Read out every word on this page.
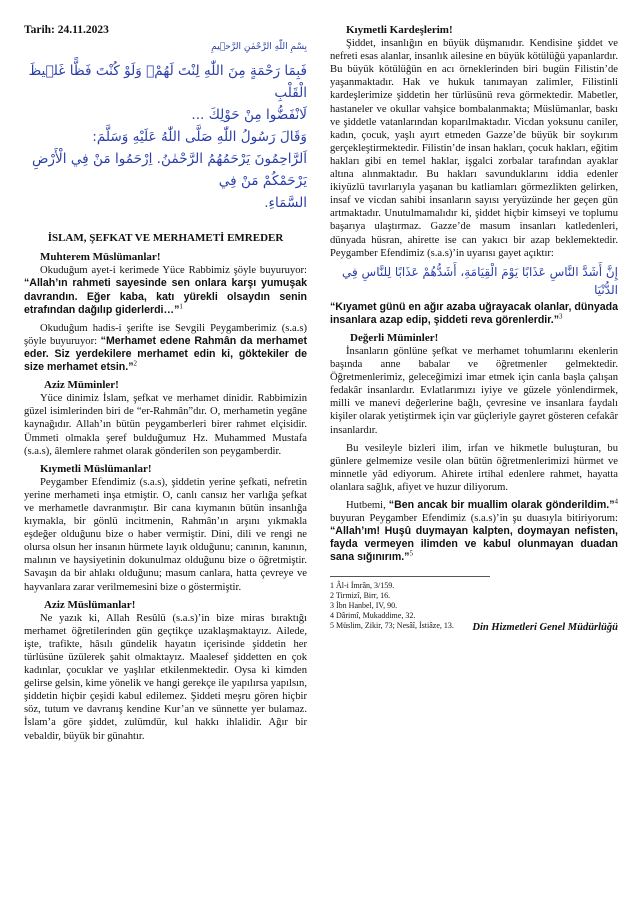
Tarih: 24.11.2023

بِسْمِ اللّٰهِ الرَّحْمٰنِ الرَّح۪يمِ

فَبِمَا رَحْمَةٍ مِنَ اللّٰهِ لِنْتَ لَهُمْۚ وَلَوْ كُنْتَ فَظًّا غَل۪يظَ الْقَلْبِ

لَانْفَضُّوا مِنْ حَوْلِكَ ...

وَقَالَ رَسُولُ اللّٰهِ صَلَّى اللّٰهُ عَلَيْهِ وَسَلَّمَ:

اَلرَّاحِمُونَ يَرْحَمُهُمُ الرَّحْمٰنُ. اِرْحَمُوا مَنْ فِي الْأَرْضِ يَرْحَمْكُمْ مَنْ فِي

السَّمَاءِ.

İSLAM, ŞEFKAT VE MERHAMETİ EMREDER

Muhterem Müslümanlar!

Okuduğum ayet-i kerimede Yüce Rabbimiz şöyle buyuruyor: “Allah’ın rahmeti sayesinde sen onlara karşı yumuşak davrandın. Eğer kaba, katı yürekli olsaydın senin etrafından dağılıp giderlerdi…”$^1$

Okuduğum hadis-i şerifte ise Sevgili Peygamberimiz (s.a.s) şöyle buyuruyor: “Merhamet edene Rahmân da merhamet eder. Siz yerdekilere merhamet edin ki, göktekiler de size merhamet etsin.”$^2$

Aziz Müminler!

Yüce dinimiz İslam, şefkat ve merhamet dinidir. Rabbimizin güzel isimlerinden biri de “er-Rahmân”dır. O, merhametin yegâne kaynağıdır. Allah’ın bütün peygamberleri birer rahmet elçisidir. Ümmeti olmakla şeref bulduğumuz Hz. Muhammed Mustafa (s.a.s), âlemlere rahmet olarak gönderilen son peygamberdir.

Kıymetli Müslümanlar!

Peygamber Efendimiz (s.a.s), şiddetin yerine şefkati, nefretin yerine merhameti inşa etmiştir. O, canlı cansız her varlığa şefkat ve merhametle davranmıştır. Bir cana kıymanın bütün insanlığa kıymakla, bir gönlü incitmenin, Rahmân’ın arşını yıkmakla eşdeğer olduğunu bize o haber vermiştir. Dini, dili ve rengi ne olursa olsun her insanın hürmete layık olduğunu; canının, kanının, malının ve haysiyetinin dokunulmaz olduğunu bize o öğretmiştir. Savaşın da bir ahlakı olduğunu; masum canlara, hatta çevreye ve hayvanlara zarar verilmemesini bize o göstermiştir.

Aziz Müslümanlar!

Ne yazık ki, Allah Resûlü (s.a.s)’in bize miras bıraktığı merhamet öğretilerinden gün geçtikçe uzaklaşmaktayız. Ailede, işte, trafikte, hâsılı gündelik hayatın içerisinde şiddetin her türlüsüne üzülerek şahit olmaktayız. Maalesef şiddetten en çok kadınlar, çocuklar ve yaşlılar etkilenmektedir. Oysa ki kimden gelirse gelsin, kime yönelik ve hangi gerekçe ile yapılırsa yapılsın, şiddetin hiçbir çeşidi kabul edilemez. Şiddeti meşru gören hiçbir söz, tutum ve davranış kendine Kur’an ve sünnette yer bulamaz. İslam’a göre şiddet, zulümdür, kul hakkı ihlalidir. Ağır bir vebaldir, büyük bir günahtır.

Kıymetli Kardeşlerim!

Şiddet, insanlığın en büyük düşmanıdır. Kendisine şiddet ve nefreti esas alanlar, insanlık ailesine en büyük kötülüğü yapanlardır. Bu büyük kötülüğün en acı örneklerinden biri bugün Filistin’de yaşanmaktadır. Hak ve hukuk tanımayan zalimler, Filistinli kardeşlerimize şiddetin her türlüsünü reva görmektedir. Mabetler, hastaneler ve okullar vahşice bombalanmakta; Müslümanlar, baskı ve şiddetle vatanlarından koparılmaktadır. Vicdan yoksunu caniler, kadın, çocuk, yaşlı ayırt etmeden Gazze’de büyük bir soykırım gerçekleştirmektedir. Filistin’de insan hakları, çocuk hakları, eğitim hakları gibi en temel haklar, işgalci zorbalar tarafından ayaklar altına alınmaktadır. Bu hakları savunduklarını iddia edenler ikiyüzlü tavırlarıyla yaşanan bu katliamları görmezlikten gelirken, insaf ve vicdan sahibi insanların sayısı yeryüzünde her geçen gün artmaktadır. Unutulmamalıdır ki, şiddet hiçbir kimseyi ve toplumu başarıya ulaştırmaz. Gazze’de masum insanları katledenleri, dünyada hüsran, ahirette ise can yakıcı bir azap beklemektedir. Peygamber Efendimiz (s.a.s)’in uyarısı gayet açıktır:

إِنَّ أَشَدَّ النَّاسِ عَذَابًا يَوْمَ الْقِيَامَةِ، أَشَدُّهُمْ عَذَابًا لِلنَّاسِ فِي الدُّنْيَا

“Kıyamet günü en ağır azaba uğrayacak olanlar, dünyada insanlara azap edip, şiddeti reva görenlerdir.”$^3$

Değerli Müminler!

İnsanların gönlüne şefkat ve merhamet tohumlarını ekenlerin başında anne babalar ve öğretmenler gelmektedir. Öğretmenlerimiz, geleceğimizi imar etmek için canla başla çalışan fedakâr insanlardır. Evlatlarımızı iyiye ve güzele yönlendirmek, milli ve manevi değerlerine bağlı, çevresine ve insanlara faydalı kişiler olarak yetiştirmek için var güçleriyle gayret gösteren cefakâr insanlardır.

Bu vesileyle bizleri ilim, irfan ve hikmetle buluşturan, bu günlere gelmemize vesile olan bütün öğretmenlerimizi hürmet ve minnetle yâd ediyorum. Ahirete irtihal edenlere rahmet, hayatta olanlara sağlık, afiyet ve huzur diliyorum.

Hutbemi, “Ben ancak bir muallim olarak gönderildim.”$^4$ buyuran Peygamber Efendimiz (s.a.s)’in şu duasıyla bitiriyorum: “Allah’ım! Huşû duymayan kalpten, doymayan nefisten, fayda vermeyen ilimden ve kabul olunmayan duadan sana sığınırım.”$^5$

1 Âl-i İmrân, 3/159.

2 Tirmizî, Birr, 16.

3 İbn Hanbel, IV, 90.

4 Dârimî, Mukaddime, 32.

5 Müslim, Zikir, 73; Nesâî, İstiâze, 13.	Din Hizmetleri Genel Müdürlüğü
